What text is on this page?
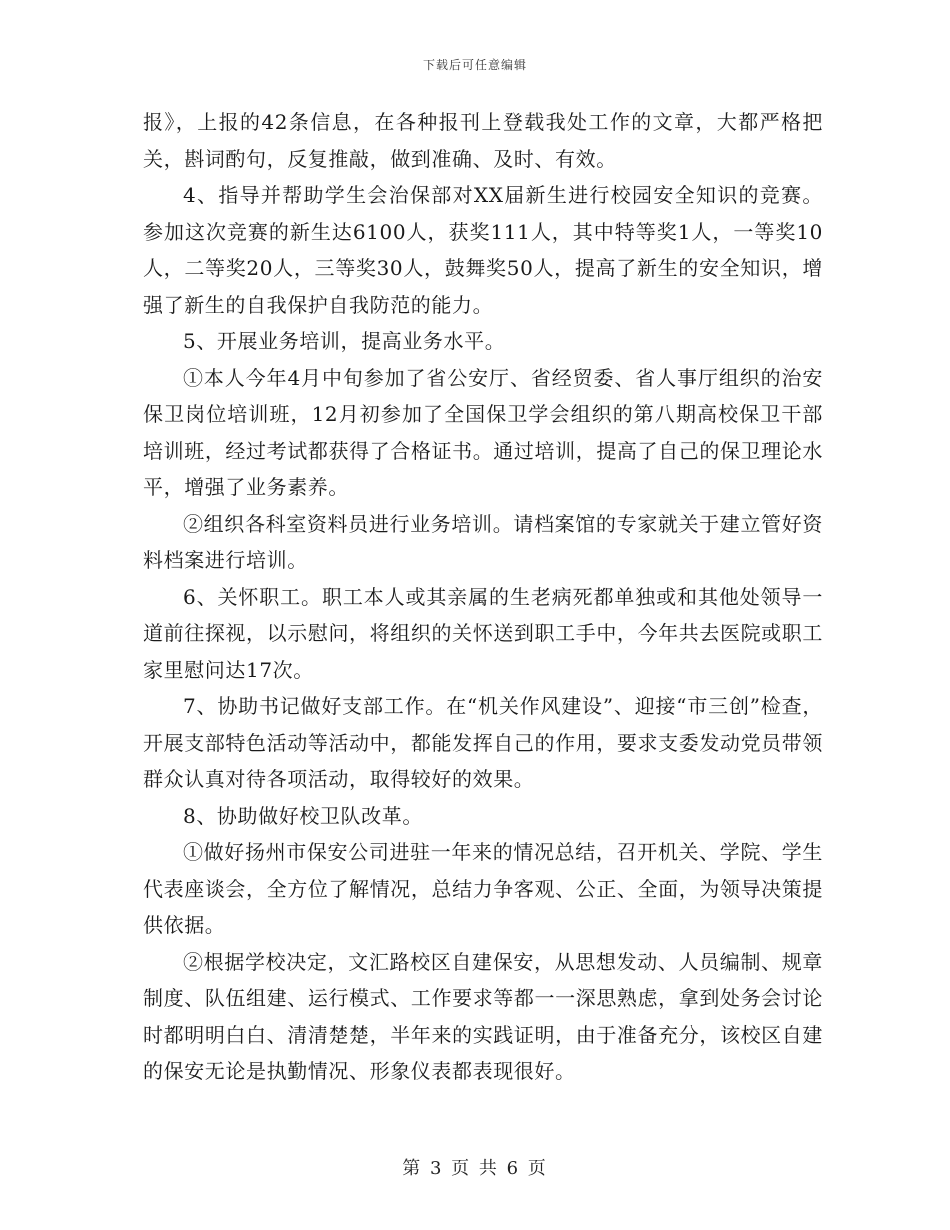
下载后可任意编辑

报》，上报的42条信息，在各种报刊上登载我处工作的文章，大都严格把关，斟词酌句，反复推敲，做到准确、及时、有效。

4、指导并帮助学生会治保部对XX届新生进行校园安全知识的竞赛。参加这次竞赛的新生达6100人，获奖111人，其中特等奖1人，一等奖10人，二等奖20人，三等奖30人，鼓舞奖50人，提高了新生的安全知识，增强了新生的自我保护自我防范的能力。

5、开展业务培训，提高业务水平。

①本人今年4月中旬参加了省公安厅、省经贸委、省人事厅组织的治安保卫岗位培训班，12月初参加了全国保卫学会组织的第八期高校保卫干部培训班，经过考试都获得了合格证书。通过培训，提高了自己的保卫理论水平，增强了业务素养。

②组织各科室资料员进行业务培训。请档案馆的专家就关于建立管好资料档案进行培训。

6、关怀职工。职工本人或其亲属的生老病死都单独或和其他处领导一道前往探视，以示慰问，将组织的关怀送到职工手中，今年共去医院或职工家里慰问达17次。

7、协助书记做好支部工作。在“机关作风建设”、迎接“市三创”检查，开展支部特色活动等活动中，都能发挥自己的作用，要求支委发动党员带领群众认真对待各项活动，取得较好的效果。

8、协助做好校卫队改革。

①做好扬州市保安公司进驻一年来的情况总结，召开机关、学院、学生代表座谈会，全方位了解情况，总结力争客观、公正、全面，为领导决策提供依据。

②根据学校决定，文汇路校区自建保安，从思想发动、人员编制、规章制度、队伍组建、运行模式、工作要求等都一一深思熟虑，拿到处务会讨论时都明明白白、清清楚楚，半年来的实践证明，由于准备充分，该校区自建的保安无论是执勤情况、形象仪表都表现很好。

第 3 页 共 6 页
